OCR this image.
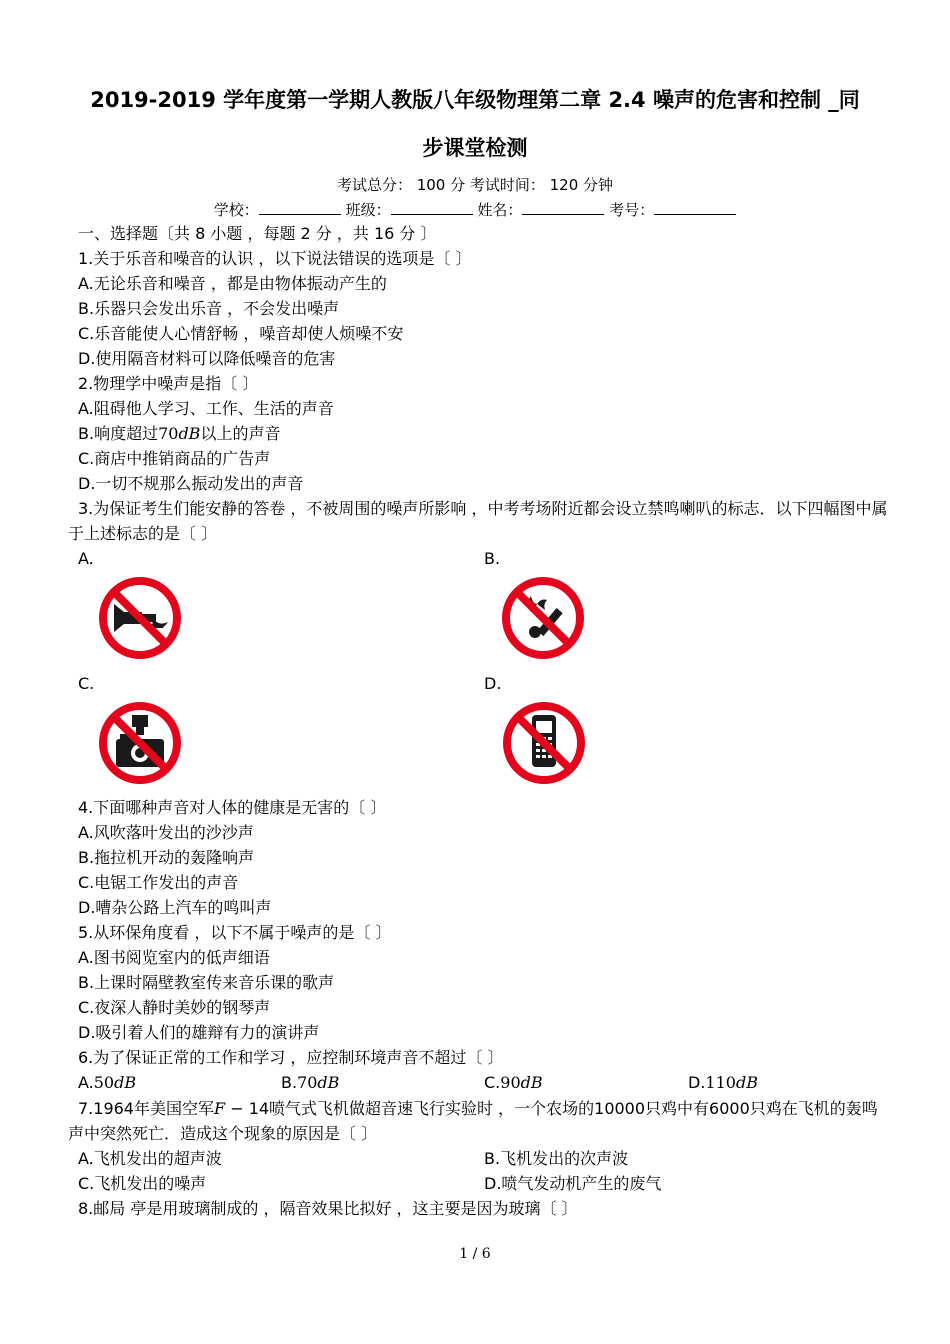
2019-2019 学年度第一学期人教版八年级物理第二章 2.4 噪声的危害和控制 _同
步课堂检测
考试总分： 100 分 考试时间： 120 分钟
学校：	班级：	姓名：	考号：
一、选择题〔共 8 小题 ，每题 2 分 ，共 16 分 〕
1.关于乐音和噪音的认识 ，以下说法错误的选项是〔 〕
A.无论乐音和噪音 ，都是由物体振动产生的
B.乐器只会发出乐音 ，不会发出噪声
C.乐音能使人心情舒畅 ，噪音却使人烦噪不安
D.使用隔音材料可以降低噪音的危害
2.物理学中噪声是指〔 〕
A.阻碍他人学习、工作、生活的声音
B.响度超过70dB以上的声音
C.商店中推销商品的广告声
D.一切不规那么振动发出的声音
3.为保证考生们能安静的答卷 ，不被周围的噪声所影响 ，中考考场附近都会设立禁鸣喇叭的标志．以下四幅图中属于上述标志的是〔 〕
A.	B.
C.	D.
4.下面哪种声音对人体的健康是无害的〔 〕
A.风吹落叶发出的沙沙声
B.拖拉机开动的轰隆响声
C.电锯工作发出的声音
D.嘈杂公路上汽车的鸣叫声
5.从环保角度看 ，以下不属于噪声的是〔 〕
A.图书阅览室内的低声细语
B.上课时隔壁教室传来音乐课的歌声
C.夜深人静时美妙的钢琴声
D.吸引着人们的雄辩有力的演讲声
6.为了保证正常的工作和学习 ，应控制环境声音不超过〔 〕
A.50dB	B.70dB	C.90dB	D.110dB
7.1964年美国空军F − 14喷气式飞机做超音速飞行实验时 ，一个农场的10000只鸡中有6000只鸡在飞机的轰鸣声中突然死亡．造成这个现象的原因是〔 〕
A.飞机发出的超声波	B.飞机发出的次声波
C.飞机发出的噪声	D.喷气发动机产生的废气
8.邮局 亭是用玻璃制成的 ，隔音效果比拟好 ，这主要是因为玻璃〔 〕
1 / 6
